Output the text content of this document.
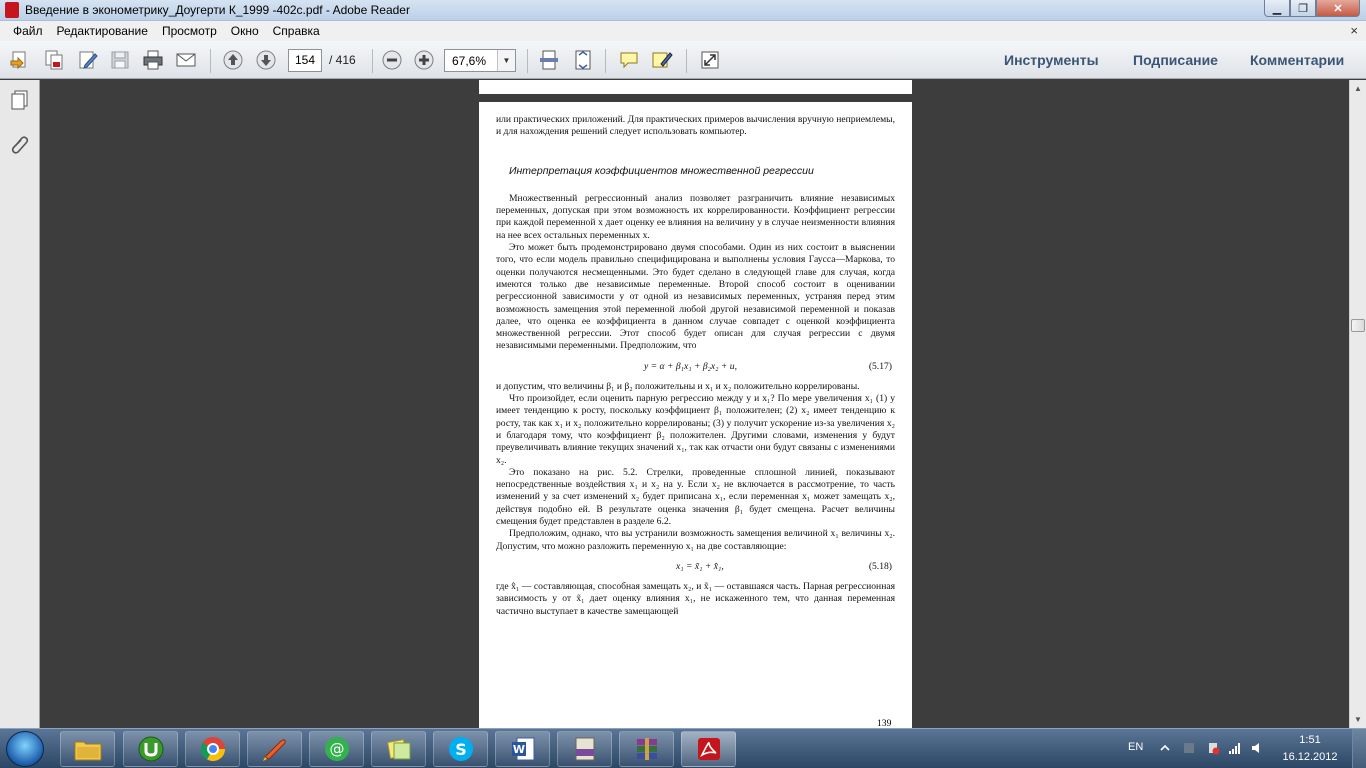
Введение в эконометрику_Доугерти К_1999 -402c.pdf - Adobe Reader	▁	❐	✕
Файл	Редактирование	Просмотр	Окно	Справка	×
154	/ 416	67,6%	▼	Инструменты Подписание Комментарии

или практических приложений. Для практических примеров вычисления вручную неприемлемы, и для нахождения решений следует использовать компьютер.

Интерпретация коэффициентов множественной регрессии

Множественный регрессионный анализ позволяет разграничить влияние независимых переменных, допуская при этом возможность их коррелированности. Коэффициент регрессии при каждой переменной x дает оценку ее влияния на величину y в случае неизменности влияния на нее всех остальных переменных x.

Это может быть продемонстрировано двумя способами. Один из них состоит в выяснении того, что если модель правильно специфицирована и выполнены условия Гаусса—Маркова, то оценки получаются несмещенными. Это будет сделано в следующей главе для случая, когда имеются только две независимые переменные. Второй способ состоит в оценивании регрессионной зависимости y от одной из независимых переменных, устраняя перед этим возможность замещения этой переменной любой другой независимой переменной и показав далее, что оценка ее коэффициента в данном случае совпадет с оценкой коэффициента множественной регрессии. Этот способ будет описан для случая регрессии с двумя независимыми переменными. Предположим, что

y = α + β₁x₁ + β₂x₂ + u,	(5.17)

и допустим, что величины β₁ и β₂ положительны и x₁ и x₂ положительно коррелированы.

Что произойдет, если оценить парную регрессию между y и x₁? По мере увеличения x₁ (1) y имеет тенденцию к росту, поскольку коэффициент β₁ положителен; (2) x₂ имеет тенденцию к росту, так как x₁ и x₂ положительно коррелированы; (3) y получит ускорение из-за увеличения x₂ и благодаря тому, что коэффициент β₂ положителен. Другими словами, изменения y будут преувеличивать влияние текущих значений x₁, так как отчасти они будут связаны с изменениями x₂.

Это показано на рис. 5.2. Стрелки, проведенные сплошной линией, показывают непосредственные воздействия x₁ и x₂ на y. Если x₂ не включается в рассмотрение, то часть изменений y за счет изменений x₂ будет приписана x₁, если переменная x₁ может замещать x₂, действуя подобно ей. В результате оценка значения β₁ будет смещена. Расчет величины смещения будет представлен в разделе 6.2.

Предположим, однако, что вы устранили возможность замещения величиной x₁ величины x₂. Допустим, что можно разложить переменную x₁ на две составляющие:

x₁ = x̃₁ + x̂₁,	(5.18)

где x̂₁ — составляющая, способная замещать x₂, и x̃₁ — оставшаяся часть. Парная регрессионная зависимость y от x̃₁ дает оценку влияния x₁, не искаженного тем, что данная переменная частично выступает в качестве замещающей

139
▲
▼
@	S	W	EN
1:51
16.12.2012
